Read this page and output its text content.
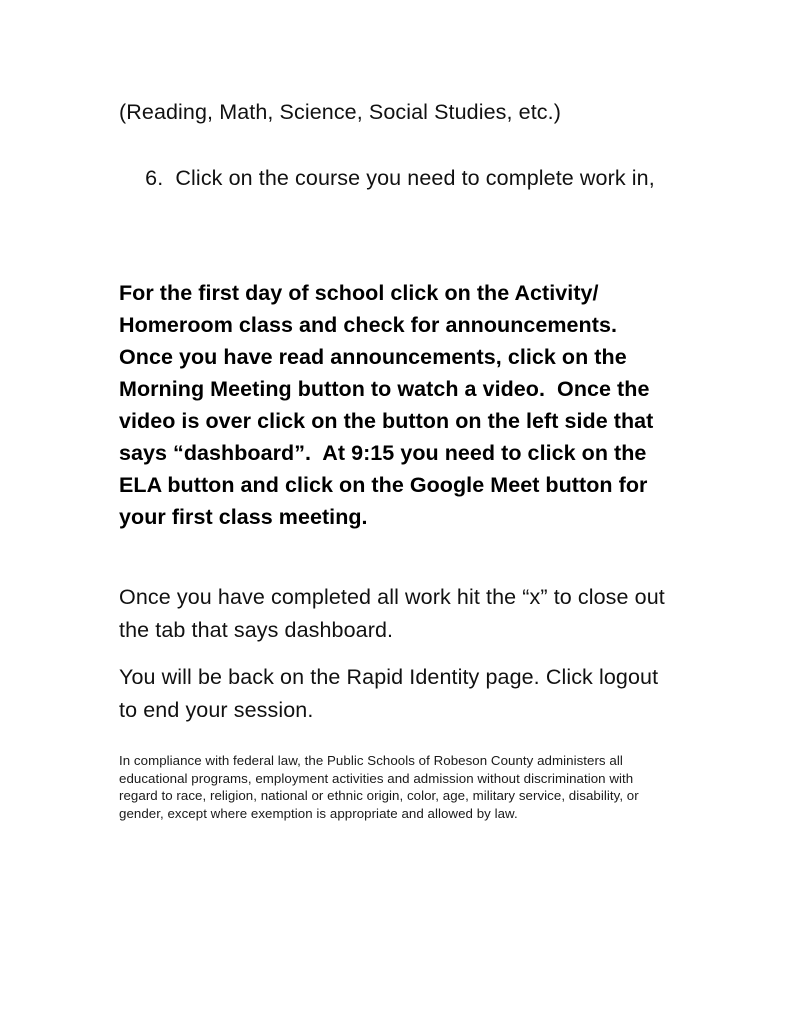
(Reading, Math, Science, Social Studies, etc.)

6.  Click on the course you need to complete work in,

For the first day of school click on the Activity/ Homeroom class and check for announcements.  Once you have read announcements, click on the Morning Meeting button to watch a video.  Once the video is over click on the button on the left side that says “dashboard”.  At 9:15 you need to click on the ELA button and click on the Google Meet button for your first class meeting.

Once you have completed all work hit the “x” to close out the tab that says dashboard.

You will be back on the Rapid Identity page. Click logout to end your session.

In compliance with federal law, the Public Schools of Robeson County administers all educational programs, employment activities and admission without discrimination with regard to race, religion, national or ethnic origin, color, age, military service, disability, or gender, except where exemption is appropriate and allowed by law.
